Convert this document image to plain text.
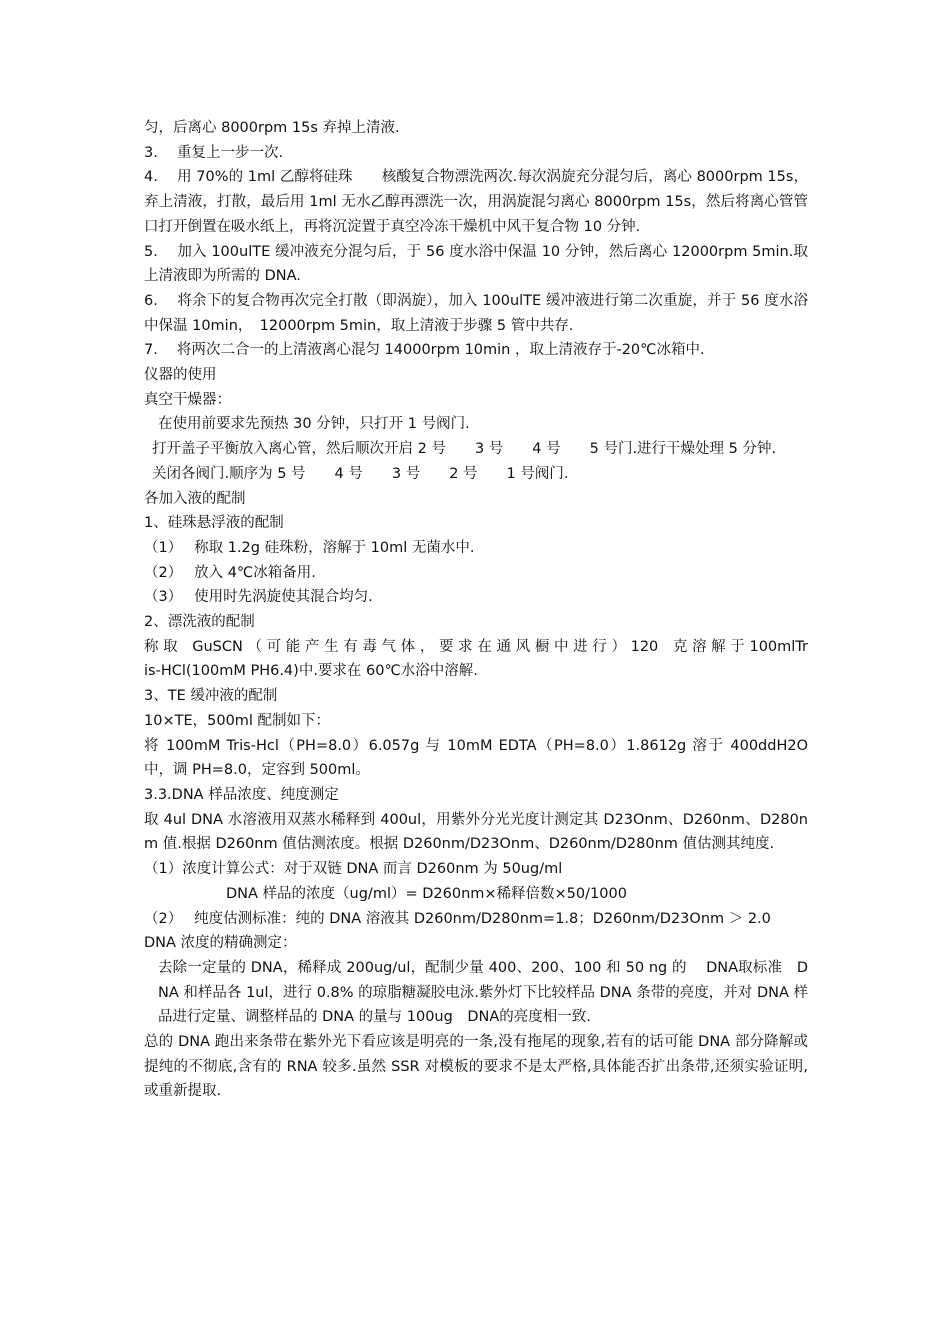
匀，后离心 8000rpm 15s 弃掉上清液.

3.　 重复上一步一次.

4.　 用 70%的 1ml 乙醇将硅珠　　核酸复合物漂洗两次.每次涡旋充分混匀后，离心 8000rpm 15s，弃上清液，打散，最后用 1ml 无水乙醇再漂洗一次，用涡旋混匀离心 8000rpm 15s，然后将离心管管口打开倒置在吸水纸上，再将沉淀置于真空冷冻干燥机中风干复合物 10 分钟.

5.　 加入 100ulTE 缓冲液充分混匀后，于 56 度水浴中保温 10 分钟，然后离心 12000rpm 5min.取上清液即为所需的 DNA.

6.　 将余下的复合物再次完全打散（即涡旋），加入 100ulTE 缓冲液进行第二次重旋，并于 56 度水浴中保温 10min，　12000rpm 5min，取上清液于步骤 5 管中共存.

7.　 将两次二合一的上清液离心混匀 14000rpm 10min ，取上清液存于-20℃冰箱中.

仪器的使用

真空干燥器：

在使用前要求先预热 30 分钟，只打开 1 号阀门.

打开盖子平衡放入离心管，然后顺次开启 2 号　　3 号　　4 号　　5 号门.进行干燥处理 5 分钟.

关闭各阀门.顺序为 5 号　　4 号　　3 号　　2 号　　1 号阀门.

各加入液的配制

1、硅珠悬浮液的配制

（1）　 称取 1.2g 硅珠粉，溶解于 10ml 无菌水中.

（2）　 放入 4℃冰箱备用.

（3）　 使用时先涡旋使其混合均匀.

2、漂洗液的配制

称 取　GuSCN （ 可 能 产 生 有 毒 气 体 ， 要 求 在 通 风 橱 中 进 行 ） 120　克 溶 解 于 100mlTris-HCl(100mM PH6.4)中.要求在 60℃水浴中溶解.

3、TE 缓冲液的配制

10×TE，500ml 配制如下：

将 100mM Tris-Hcl（PH=8.0）6.057g 与 10mM EDTA（PH=8.0）1.8612g 溶于 400ddH2O 中，调 PH=8.0，定容到 500ml。

3.3.DNA 样品浓度、纯度测定

取 4ul DNA 水溶液用双蒸水稀释到 400ul，用紫外分光光度计测定其 D23Onm、D260nm、D280nm 值.根据 D260nm 值估测浓度。根据 D260nm/D23Onm、D260nm/D280nm 值估测其纯度.

（1）浓度计算公式：对于双链 DNA 而言 D260nm 为 50ug/ml

DNA 样品的浓度（ug/ml）= D260nm×稀释倍数×50/1000

（2）　 纯度估测标准：纯的 DNA 溶液其 D260nm/D280nm=1.8；D260nm/D23Onm ＞ 2.0

DNA 浓度的精确测定：

去除一定量的 DNA，稀释成 200ug/ul，配制少量 400、200、100 和 50 ng 的　 DNA取标准　DNA 和样品各 1ul，进行 0.8% 的琼脂糖凝胶电泳.紫外灯下比较样品 DNA 条带的亮度，并对 DNA 样品进行定量、调整样品的 DNA 的量与 100ug　DNA的亮度相一致.

总的 DNA 跑出来条带在紫外光下看应该是明亮的一条,没有拖尾的现象,若有的话可能 DNA 部分降解或提纯的不彻底,含有的 RNA 较多.虽然 SSR 对模板的要求不是太严格,具体能否扩出条带,还须实验证明,或重新提取.
